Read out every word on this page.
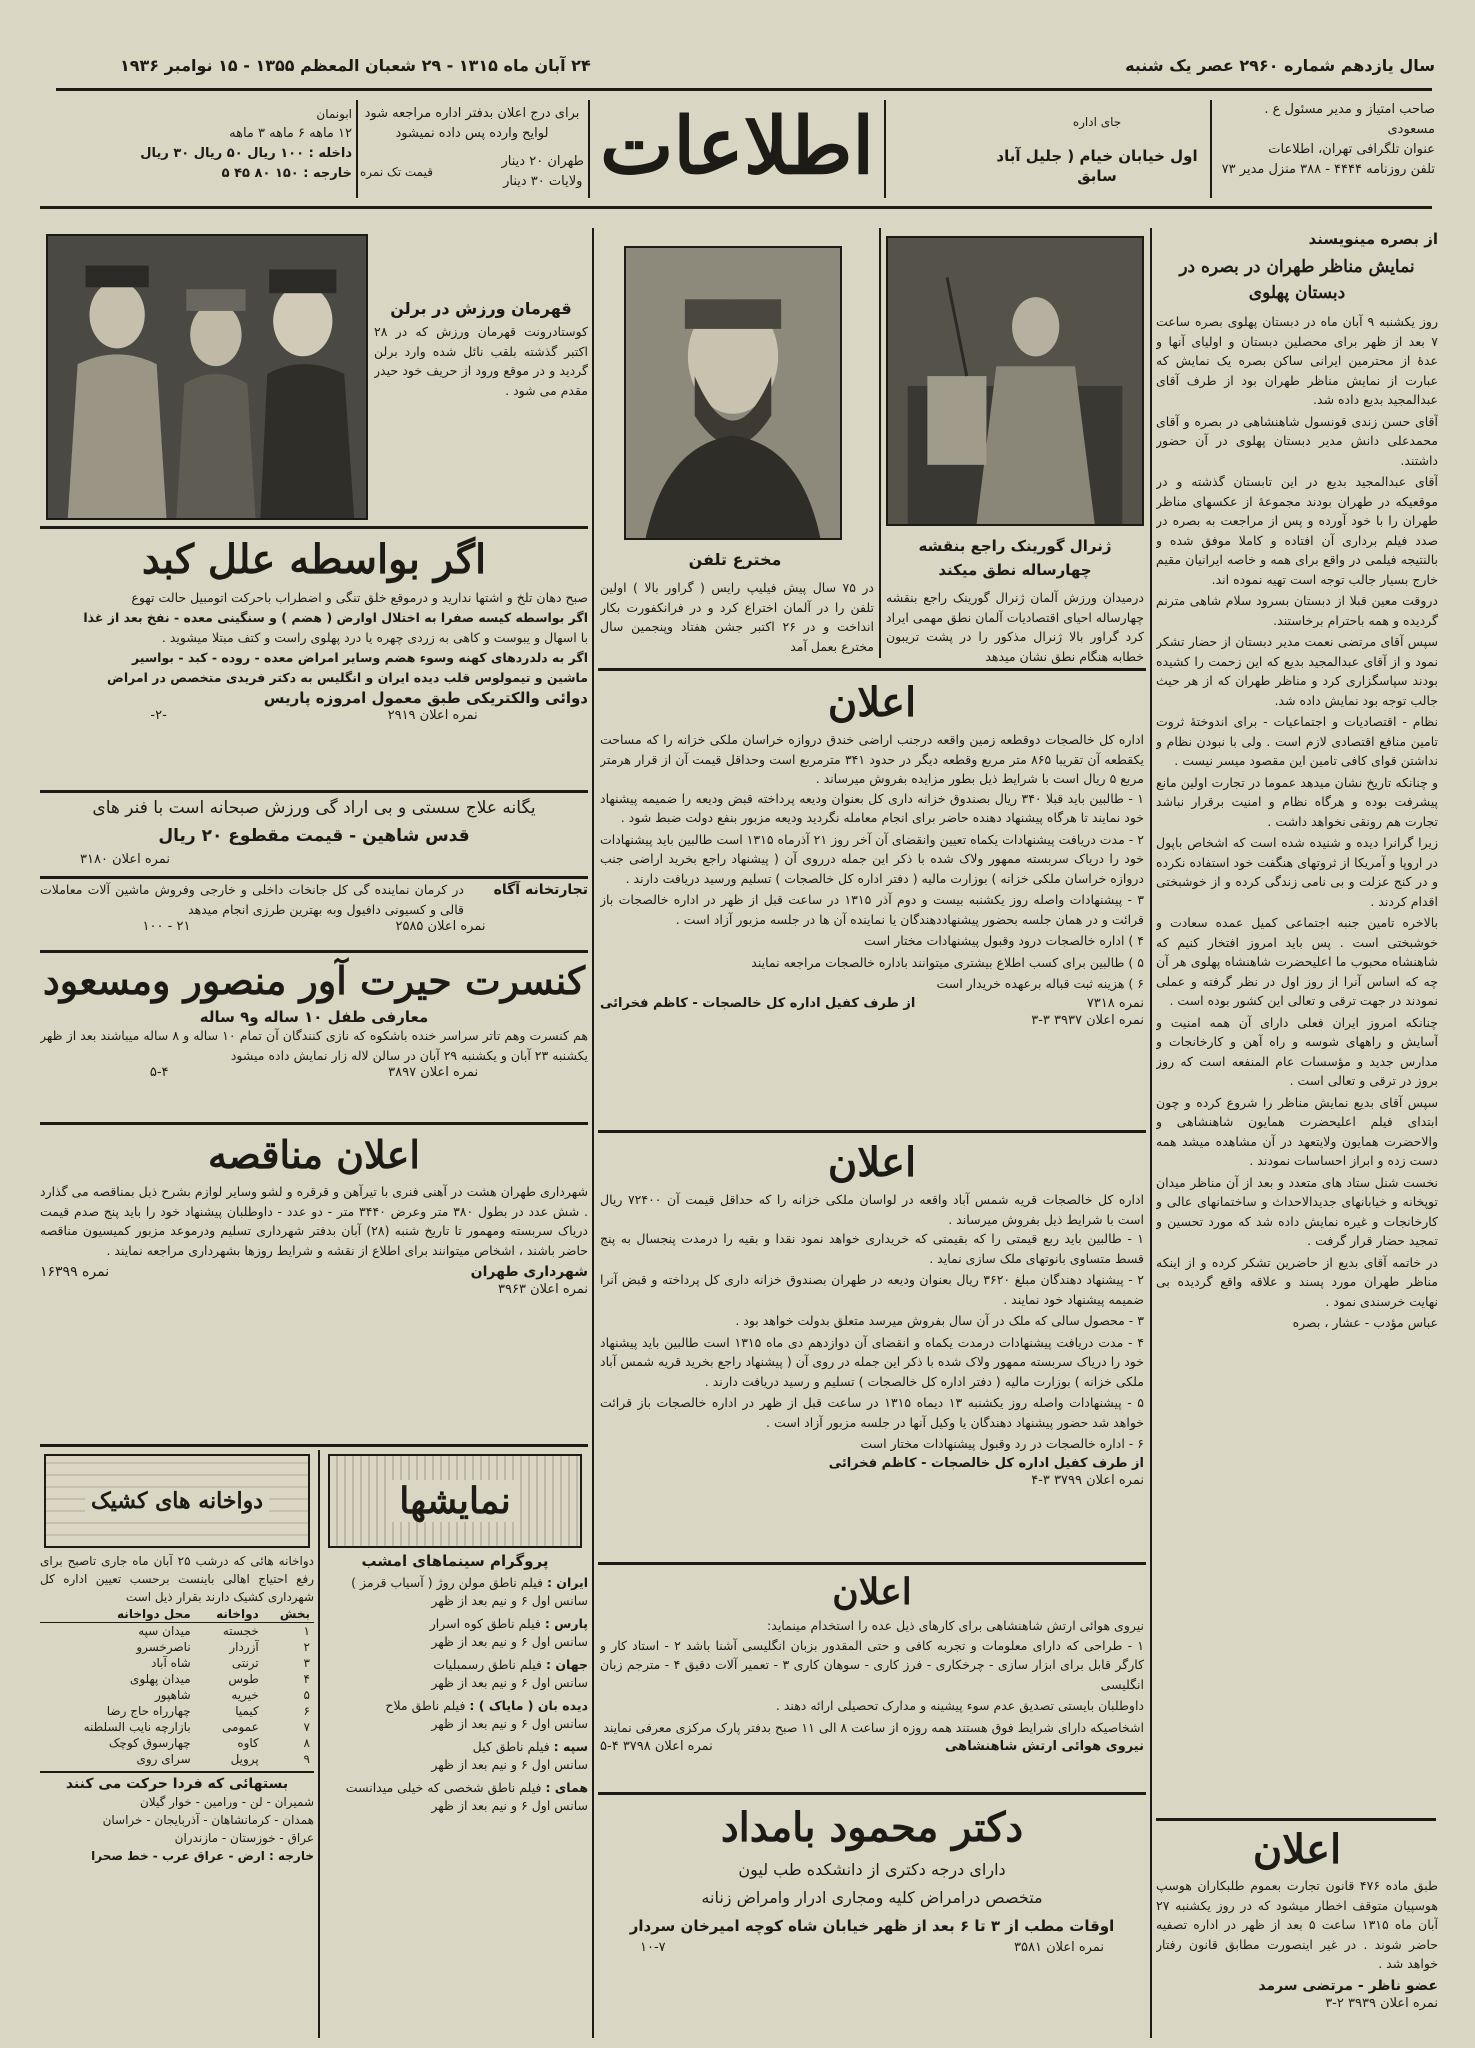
سال یازدهم شماره ۲۹۶۰ عصر یک شنبه
۲۴ آبان ماه ۱۳۱۵ - ۲۹ شعبان المعظم ۱۳۵۵ - ۱۵ نوامبر ۱۹۳۶

صاحب امتیاز و مدیر مسئول ع . مسعودی

عنوان تلگرافی تهران، اطلاعات

تلفن روزنامه ۴۴۴۴ - ۳۸۸ منزل مدیر ۷۳

جای اداره
اول خیابان خیام ( جلیل آباد سابق
اطلاعات
برای درج اعلان بدفتر اداره مراجعه شود
لوایح وارده پس داده نمیشود
طهران ۲۰ دینار
ولایات ۳۰ دینار
قیمت تک نمره
ابونمان
۱۲ ماهه ۶ ماهه ۳ ماهه
داخله : ۱۰۰ ریال ۵۰ ریال ۳۰ ریال
خارجه : ۱۵۰ ۸۰ ۴۵ ۵
از بصره مینویسند
نمایش مناظر طهران در بصره در دبستان پهلوی

روز یکشنبه ۹ آبان ماه در دبستان پهلوی بصره ساعت ۷ بعد از ظهر برای محصلین دبستان و اولیای آنها و عدهٔ از محترمین ایرانی ساکن بصره یک نمایش که عبارت از نمایش مناظر طهران بود از طرف آقای عبدالمجید بدیع داده شد.

آقای حسن زندی قونسول شاهنشاهی در بصره و آقای محمدعلی دانش مدیر دبستان پهلوی در آن حضور داشتند.

آقای عبدالمجید بدیع در این تابستان گذشته و در موقعیکه در طهران بودند مجموعهٔ از عکسهای مناظر طهران را با خود آورده و پس از مراجعت به بصره در صدد فیلم برداری آن افتاده و کاملا موفق شده و بالنتیجه فیلمی در واقع برای همه و خاصه ایرانیان مقیم خارج بسیار جالب توجه است تهیه نموده اند.

دروقت معین قبلا از دبستان بسرود سلام شاهی مترنم گردیده و همه باحترام برخاستند.

سپس آقای مرتضی نعمت مدیر دبستان از حضار تشکر نمود و از آقای عبدالمجید بدیع که این زحمت را کشیده بودند سپاسگزاری کرد و مناظر طهران که از هر حیث جالب توجه بود نمایش داده شد.

نظام - اقتصادیات و اجتماعیات - برای اندوختهٔ ثروت تامین منافع اقتصادی لازم است . ولی با نبودن نظام و نداشتن قوای کافی تامین این مقصود میسر نیست .

و چنانکه تاریخ نشان میدهد عموما در تجارت اولین مانع پیشرفت بوده و هرگاه نظام و امنیت برقرار نباشد تجارت هم رونقی نخواهد داشت .

زیرا گرانرا دیده و شنیده شده است که اشخاص باپول در اروپا و آمریکا از ثروتهای هنگفت خود استفاده نکرده و در کنج عزلت و بی نامی زندگی کرده و از خوشبختی اقدام کردند .

بالاخره تامین جنبه اجتماعی کمیل عمده سعادت و خوشبختی است . پس باید امروز افتخار کنیم که شاهنشاه محبوب ما اعلیحضرت شاهنشاه پهلوی هر آن چه که اساس آنرا از روز اول در نظر گرفته و عملی نمودند در جهت ترقی و تعالی این کشور بوده است .

چنانکه امروز ایران فعلی دارای آن همه امنیت و آسایش و راههای شوسه و راه آهن و کارخانجات و مدارس جدید و مؤسسات عام المنفعه است که روز بروز در ترقی و تعالی است .

سپس آقای بدیع نمایش مناظر را شروع کرده و چون ابتدای فیلم اعلیحضرت همایون شاهنشاهی و والاحضرت همایون ولایتعهد در آن مشاهده میشد همه دست زده و ابراز احساسات نمودند .

نخست شنل ستاد های متعدد و بعد از آن مناظر میدان توپخانه و خیابانهای جدیدالاحداث و ساختمانهای عالی و کارخانجات و غیره نمایش داده شد که مورد تحسین و تمجید حضار قرار گرفت .

در خاتمه آقای بدیع از حاضرین تشکر کرده و از اینکه مناظر طهران مورد پسند و علاقه واقع گردیده بی نهایت خرسندی نمود .

عباس مؤدب - عشار ، بصره

اعلان
طبق ماده ۴۷۶ قانون تجارت بعموم طلبکاران هوسپ هوسپیان متوقف اخطار میشود که در روز یکشنبه ۲۷ آبان ماه ۱۳۱۵ ساعت ۵ بعد از ظهر در اداره تصفیه حاضر شوند . در غیر اینصورت مطابق قانون رفتار خواهد شد .
عضو ناظر - مرتضی سرمد
نمره اعلان ۳۹۳۹ ۲-۳
ژنرال گورینک راجع بنقشه چهارساله نطق میکند
درمیدان ورزش آلمان ژنرال گورینک راجع بنقشه چهارساله احیای اقتصادیات آلمان نطق مهمی ایراد کرد گراور بالا ژنرال مذکور را در پشت تریبون خطابه هنگام نطق نشان میدهد
مخترع تلفن
در ۷۵ سال پیش فیلیپ رایس ( گراور بالا ) اولین تلفن را در آلمان اختراع کرد و در فرانکفورت بکار انداخت و در ۲۶ اکتبر جشن هفتاد وپنجمین سال مخترع بعمل آمد
اعلان
اداره کل خالصجات دوقطعه زمین واقعه درجنب اراضی خندق دروازه خراسان ملکی خزانه را که مساحت یکقطعه آن تقریبا ۸۶۵ متر مربع وقطعه دیگر در حدود ۳۴۱ مترمربع است وحداقل قیمت آن از قرار هرمتر مربع ۵ ریال است با شرایط ذیل بطور مزایده بفروش میرساند .

۱ - طالبین باید قبلا ۳۴۰ ریال بصندوق خزانه داری کل بعنوان ودیعه پرداخته قبض ودیعه را ضمیمه پیشنهاد خود نمایند تا هرگاه پیشنهاد دهنده حاضر برای انجام معامله نگردید ودیعه مزبور بنفع دولت ضبط شود .

۲ - مدت دریافت پیشنهادات یکماه تعیین وانقضای آن آخر روز ۲۱ آذرماه ۱۳۱۵ است طالبین باید پیشنهادات خود را دریاک سربسته ممهور ولاک شده با ذکر این جمله درروی آن ( پیشنهاد راجع بخرید اراضی جنب دروازه خراسان ملکی خزانه ) بوزارت مالیه ( دفتر اداره کل خالصجات ) تسلیم ورسید دریافت دارند .

۳ - پیشنهادات واصله روز یکشنبه بیست و دوم آذر ۱۳۱۵ در ساعت قبل از ظهر در اداره خالصجات باز قرائت و در همان جلسه بحضور پیشنهاددهندگان یا نماینده آن ها در جلسه مزبور آزاد است .

۴ ) اداره خالصجات درود وقبول پیشنهادات مختار است

۵ ) طالبین برای کسب اطلاع بیشتری میتوانند باداره خالصجات مراجعه نمایند

۶ ) هزینه ثبت قباله برعهده خریدار است

نمره ۷۳۱۸
از طرف کفیل اداره کل خالصجات - کاظم فخرائی
نمره اعلان ۳۹۳۷ ۳-۳
اعلان
اداره کل خالصجات قریه شمس آباد واقعه در لواسان ملکی خزانه را که حداقل قیمت آن ۷۲۴۰۰ ریال است با شرایط ذیل بفروش میرساند .

۱ - طالبین باید ربع قیمتی را که بقیمتی که خریداری خواهد نمود نقدا و بقیه را درمدت پنجسال به پنج قسط متساوی بانوتهای ملک سازی نماید .

۲ - پیشنهاد دهندگان مبلغ ۳۶۲۰ ریال بعنوان ودیعه در طهران بصندوق خزانه داری کل پرداخته و قبض آنرا ضمیمه پیشنهاد خود نمایند .

۳ - محصول سالی که ملک در آن سال بفروش میرسد متعلق بدولت خواهد بود .

۴ - مدت دریافت پیشنهادات درمدت یکماه و انقضای آن دوازدهم دی ماه ۱۳۱۵ است طالبین باید پیشنهاد خود را دریاک سربسته ممهور ولاک شده با ذکر این جمله در روی آن ( پیشنهاد راجع بخرید قریه شمس آباد ملکی خزانه ) بوزارت مالیه ( دفتر اداره کل خالصجات ) تسلیم و رسید دریافت دارند .

۵ - پیشنهادات واصله روز یکشنبه ۱۳ دیماه ۱۳۱۵ در ساعت قبل از ظهر در اداره خالصجات باز قرائت خواهد شد حضور پیشنهاد دهندگان یا وکیل آنها در جلسه مزبور آزاد است .

۶ - اداره خالصجات در رد وقبول پیشنهادات مختار است

از طرف کفیل اداره کل خالصجات - کاظم فخرائی
نمره اعلان ۳۷۹۹ ۳-۴
اعلان
نیروی هوائی ارتش شاهنشاهی برای کارهای ذیل عده را استخدام مینماید:

۱ - طراحی که دارای معلومات و تجربه کافی و حتی المقدور بزبان انگلیسی آشنا باشد ۲ - استاد کار و کارگر قابل برای ابزار سازی - چرخکاری - فرز کاری - سوهان کاری ۳ - تعمیر آلات دقیق ۴ - مترجم زبان انگلیسی

داوطلبان بایستی تصدیق عدم سوء پیشینه و مدارک تحصیلی ارائه دهند .

اشخاصیکه دارای شرایط فوق هستند همه روزه از ساعت ۸ الی ۱۱ صبح بدفتر پارک مرکزی معرفی نمایند

نیروی هوائی ارتش شاهنشاهی
نمره اعلان ۳۷۹۸ ۴-۵
دکتر محمود بامداد
دارای درجه دکتری از دانشکده طب لیون
متخصص درامراض کلیه ومجاری ادرار وامراض زنانه
اوقات مطب از ۳ تا ۶ بعد از ظهر خیابان شاه کوچه امیرخان سردار
نمره اعلان ۳۵۸۱
۱۰-۷
قهرمان ورزش در برلن
کوستادرونت قهرمان ورزش که در ۲۸ اکتبر گذشته بلقب نائل شده وارد برلن گردید و در موقع ورود از حریف خود حیدر مقدم می شود .
اگر بواسطه علل کبد

صبح دهان تلخ و اشتها ندارید و درموقع خلق تنگی و اضطراب باحرکت اتومبیل حالت تهوع

اگر بواسطه کیسه صفرا به اختلال اوارض ( هضم ) و سنگینی معده - نفخ بعد از غذا

با اسهال و یبوست و کاهی به زردی چهره یا درد پهلوی راست و کتف مبتلا میشوید .

اگر به دلدردهای کهنه وسوء هضم وسایر امراض معده - روده - کبد - بواسیر

ماشین و تیمولوس قلب دیده ایران و انگلیس به دکتر فریدی متخصص در امراض

دوائی والکتریکی طبق معمول امروزه پاریس

نمره اعلان ۲۹۱۹
-۲-
یگانه علاج سستی و بی اراد گی ورزش صبحانه است با فنر های
قدس شاهین - قیمت مقطوع ۲۰ ریال
نمره اعلان ۳۱۸۰
تجارتخانه آگاه
در کرمان نماینده گی کل جانخات داخلی و خارجی وفروش ماشین آلات معاملات قالی و کسیونی دافیول وبه بهترین طرزی انجام میدهد
نمره اعلان ۲۵۸۵
۲۱ - ۱۰۰
کنسرت حیرت آور منصور ومسعود
معارفی طفل ۱۰ ساله و۹ ساله
هم کنسرت وهم تاتر سراسر خنده باشکوه که نازی کنندگان آن تمام ۱۰ ساله و ۸ ساله میباشند بعد از ظهر یکشنبه ۲۳ آبان و یکشنبه ۲۹ آبان در سالن لاله زار نمایش داده میشود
نمره اعلان ۳۸۹۷
۵-۴
اعلان مناقصه
شهرداری طهران هشت در آهنی فنری با تیرآهن و قرقره و لشو وسایر لوازم بشرح ذیل بمناقصه می گذارد . شش عدد در بطول ۳۸۰ متر وعرض ۳۴۴۰ متر - دو عدد - داوطلبان پیشنهاد خود را باید پنج صدم قیمت دریاک سربسته ومهمور تا تاریخ شنبه (۲۸) آبان بدفتر شهرداری تسلیم ودرموعد مزبور کمیسیون مناقصه حاضر باشند ، اشخاص میتوانند برای اطلاع از نقشه و شرایط روزها بشهرداری مراجعه نمایند .
شهرداری طهران
نمره ۱۶۳۹۹
نمره اعلان ۳۹۶۳
نمایشها
پروگرام سینماهای امشب
ایران : فیلم ناطق مولن روژ ( آسیاب قرمز )
سانس اول ۶ و نیم بعد از ظهر
پارس : فیلم ناطق کوه اسرار
سانس اول ۶ و نیم بعد از ظهر
جهان : فیلم ناطق رسمبلیات
سانس اول ۶ و نیم بعد از ظهر
دیده بان ( مایاک ) : فیلم ناطق ملاح
سانس اول ۶ و نیم بعد از ظهر
سپه : فیلم ناطق کیل
سانس اول ۶ و نیم بعد از ظهر
همای : فیلم ناطق شخصی که خیلی میدانست
سانس اول ۶ و نیم بعد از ظهر
دواخانه های کشیک
دواخانه هائی که درشب ۲۵ آبان ماه جاری تاصبح برای رفع احتیاج اهالی باینست برحسب تعیین اداره کل شهرداری کشیک دارند بقرار ذیل است
بخش	دواخانه	محل دواخانه
۱	خجسته	میدان سپه
۲	آزردار	ناصرخسرو
۳	ترنتی	شاه آباد
۴	طوس	میدان پهلوی
۵	خیریه	شاهپور
۶	کیمیا	چهارراه حاج رضا
۷	عمومی	بازارچه نایب السلطنه
۸	کاوه	چهارسوق کوچک
۹	پرویل	سرای روی
بستهائی که فردا حرکت می کنند
شمیران - لن - ورامین - خوار گیلان
همدان - کرمانشاهان - آذربایجان - خراسان
عراق - خوزستان - مازندران
خارجه : ارض - عراق عرب - خط صحرا
